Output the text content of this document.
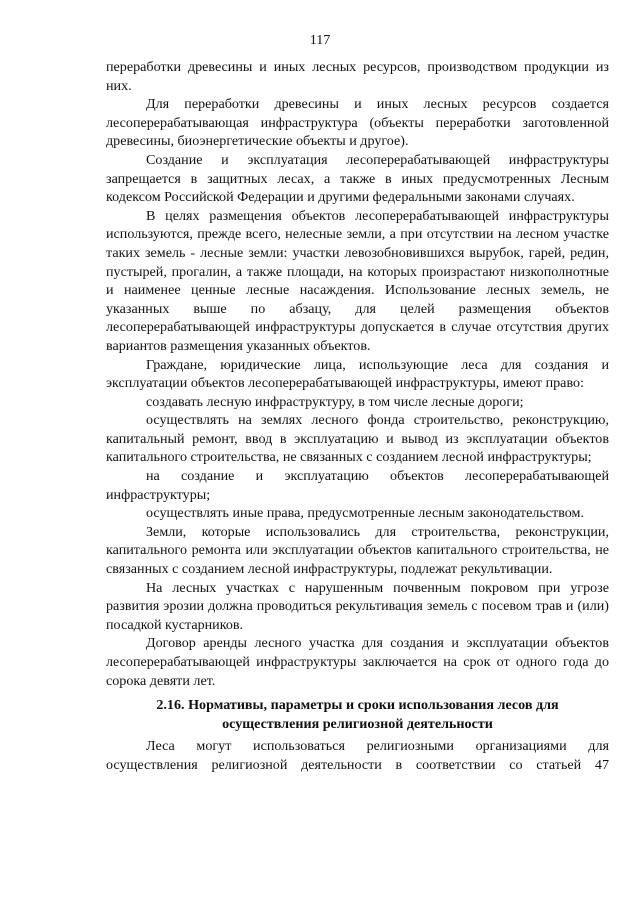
117

переработки древесины и иных лесных ресурсов, производством продукции из них.

Для переработки древесины и иных лесных ресурсов создается лесоперерабатывающая инфраструктура (объекты переработки заготовленной древесины, биоэнергетические объекты и другое).

Создание и эксплуатация лесоперерабатывающей инфраструктуры запрещается в защитных лесах, а также в иных предусмотренных Лесным кодексом Российской Федерации и другими федеральными законами случаях.

В целях размещения объектов лесоперерабатывающей инфраструктуры используются, прежде всего, нелесные земли, а при отсутствии на лесном участке таких земель - лесные земли: участки левозобновившихся вырубок, гарей, редин, пустырей, прогалин, а также площади, на которых произрастают низкополнотные и наименее ценные лесные насаждения. Использование лесных земель, не указанных выше по абзацу, для целей размещения объектов лесоперерабатывающей инфраструктуры допускается в случае отсутствия других вариантов размещения указанных объектов.

Граждане, юридические лица, использующие леса для создания и эксплуатации объектов лесоперерабатывающей инфраструктуры, имеют право:

создавать лесную инфраструктуру, в том числе лесные дороги;

осуществлять на землях лесного фонда строительство, реконструкцию, капитальный ремонт, ввод в эксплуатацию и вывод из эксплуатации объектов капитального строительства, не связанных с созданием лесной инфраструктуры;

на создание и эксплуатацию объектов лесоперерабатывающей инфраструктуры;

осуществлять иные права, предусмотренные лесным законодательством.

Земли, которые использовались для строительства, реконструкции, капитального ремонта или эксплуатации объектов капитального строительства, не связанных с созданием лесной инфраструктуры, подлежат рекультивации.

На лесных участках с нарушенным почвенным покровом при угрозе развития эрозии должна проводиться рекультивация земель с посевом трав и (или) посадкой кустарников.

Договор аренды лесного участка для создания и эксплуатации объектов лесоперерабатывающей инфраструктуры заключается на срок от одного года до сорока девяти лет.

2.16. Нормативы, параметры и сроки использования лесов для
осуществления религиозной деятельности

Леса могут использоваться религиозными организациями для осуществления религиозной деятельности в соответствии со статьей 47
